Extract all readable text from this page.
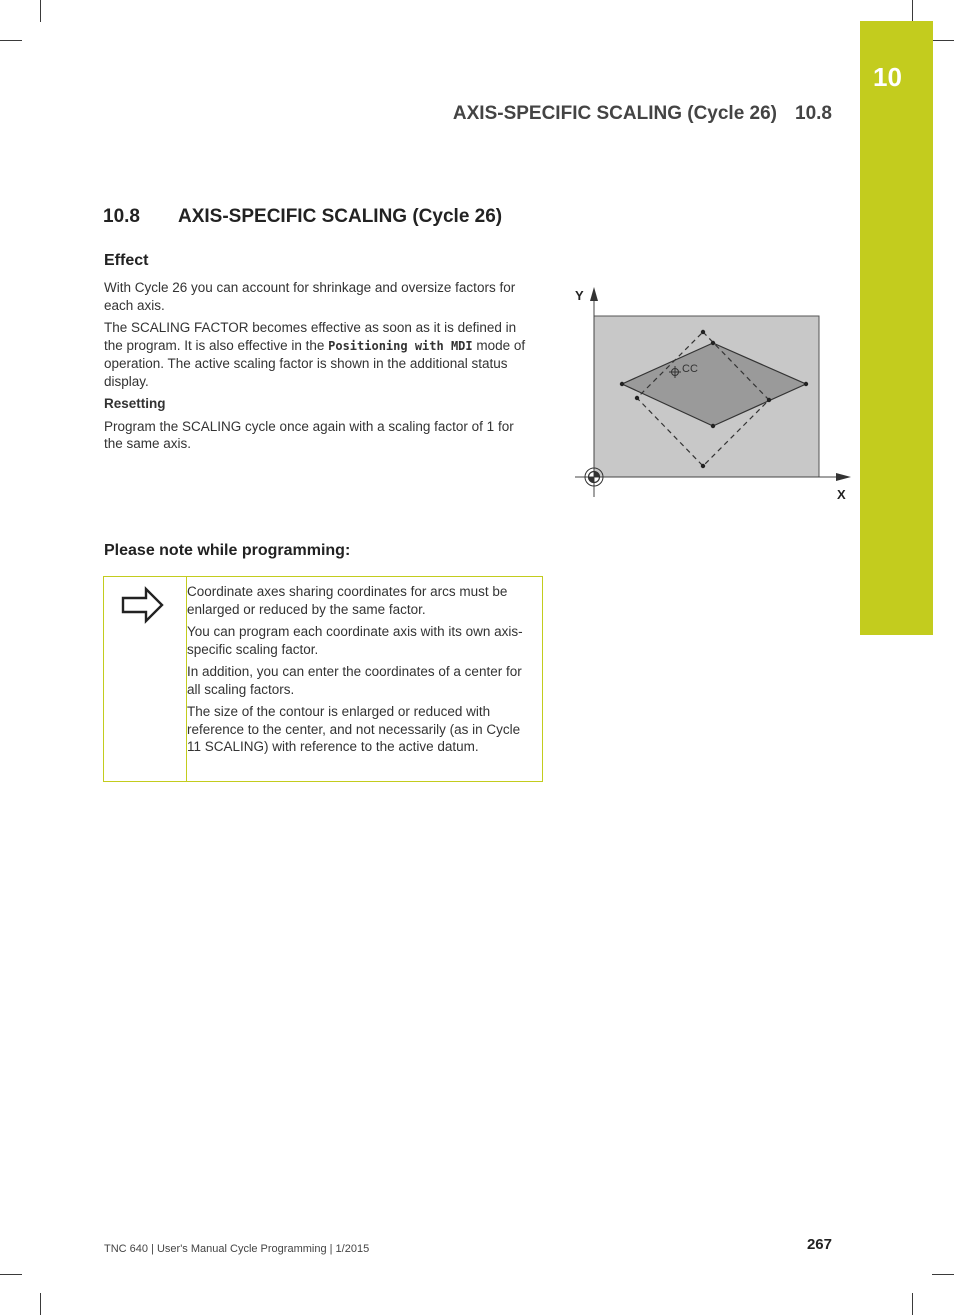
10
AXIS-SPECIFIC SCALING (Cycle 26) 10.8
10.8 AXIS-SPECIFIC SCALING (Cycle 26)
Effect

With Cycle 26 you can account for shrinkage and oversize factors for each axis.

The SCALING FACTOR becomes effective as soon as it is defined in the program. It is also effective in the Positioning with MDI mode of operation. The active scaling factor is shown in the additional status display.

Resetting

Program the SCALING cycle once again with a scaling factor of 1 for the same axis.

CC
Y
X
Please note while programming:

Coordinate axes sharing coordinates for arcs must be enlarged or reduced by the same factor.

You can program each coordinate axis with its own axis-specific scaling factor.

In addition, you can enter the coordinates of a center for all scaling factors.

The size of the contour is enlarged or reduced with reference to the center, and not necessarily (as in Cycle 11 SCALING) with reference to the active datum.

TNC 640 | User's Manual Cycle Programming | 1/2015	267
